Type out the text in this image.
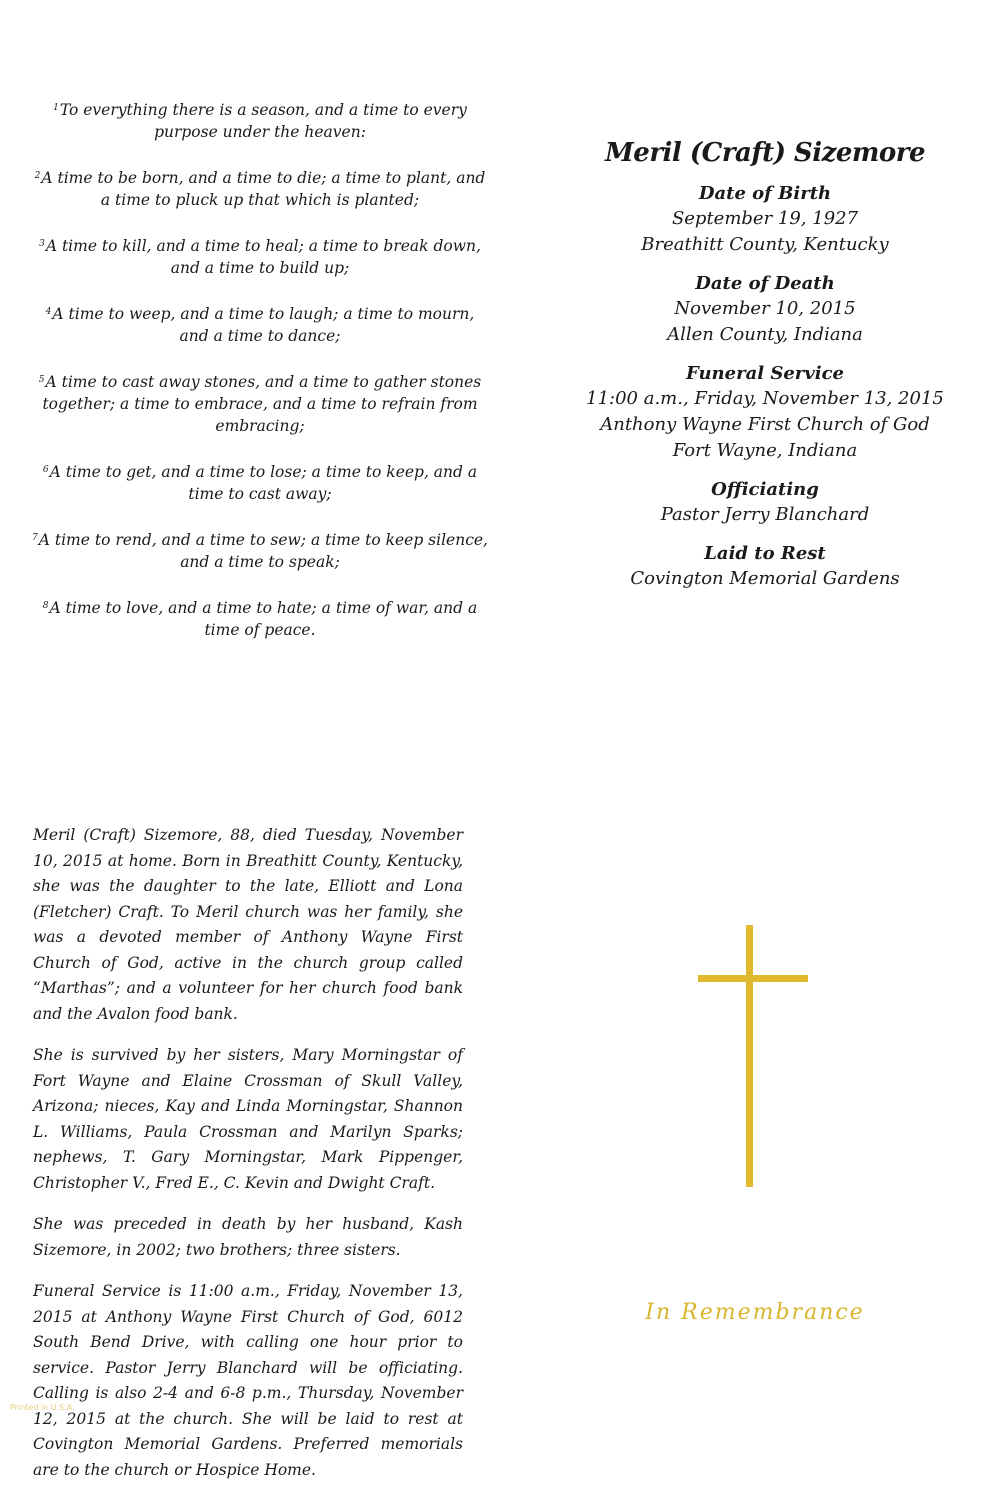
$^1$To everything there is a season, and a time to every purpose under the heaven:

$^2$A time to be born, and a time to die; a time to plant, and a time to pluck up that which is planted;

$^3$A time to kill, and a time to heal; a time to break down, and a time to build up;

$^4$A time to weep, and a time to laugh; a time to mourn, and a time to dance;

$^5$A time to cast away stones, and a time to gather stones together; a time to embrace, and a time to refrain from embracing;

$^6$A time to get, and a time to lose; a time to keep, and a time to cast away;

$^7$A time to rend, and a time to sew; a time to keep silence, and a time to speak;

$^8$A time to love, and a time to hate; a time of war, and a time of peace.

Meril (Craft) Sizemore
Date of Birth
September 19, 1927
Breathitt County, Kentucky
Date of Death
November 10, 2015
Allen County, Indiana
Funeral Service
11:00 a.m., Friday, November 13, 2015
Anthony Wayne First Church of God
Fort Wayne, Indiana
Officiating
Pastor Jerry Blanchard
Laid to Rest
Covington Memorial Gardens

Meril (Craft) Sizemore, 88, died Tuesday, November 10, 2015 at home. Born in Breathitt County, Kentucky, she was the daughter to the late, Elliott and Lona (Fletcher) Craft. To Meril church was her family, she was a devoted member of Anthony Wayne First Church of God, active in the church group called “Marthas”; and a volunteer for her church food bank and the Avalon food bank.

She is survived by her sisters, Mary Morningstar of Fort Wayne and Elaine Crossman of Skull Valley, Arizona; nieces, Kay and Linda Morningstar, Shannon L. Williams, Paula Crossman and Marilyn Sparks; nephews, T. Gary Morningstar, Mark Pippenger, Christopher V., Fred E., C. Kevin and Dwight Craft.

She was preceded in death by her husband, Kash Sizemore, in 2002; two brothers; three sisters.

Funeral Service is 11:00 a.m., Friday, November 13, 2015 at Anthony Wayne First Church of God, 6012 South Bend Drive, with calling one hour prior to service. Pastor Jerry Blanchard will be officiating. Calling is also 2-4 and 6-8 p.m., Thursday, November 12, 2015 at the church. She will be laid to rest at Covington Memorial Gardens. Preferred memorials are to the church or Hospice Home.

In Remembrance
Printed in U.S.A.
